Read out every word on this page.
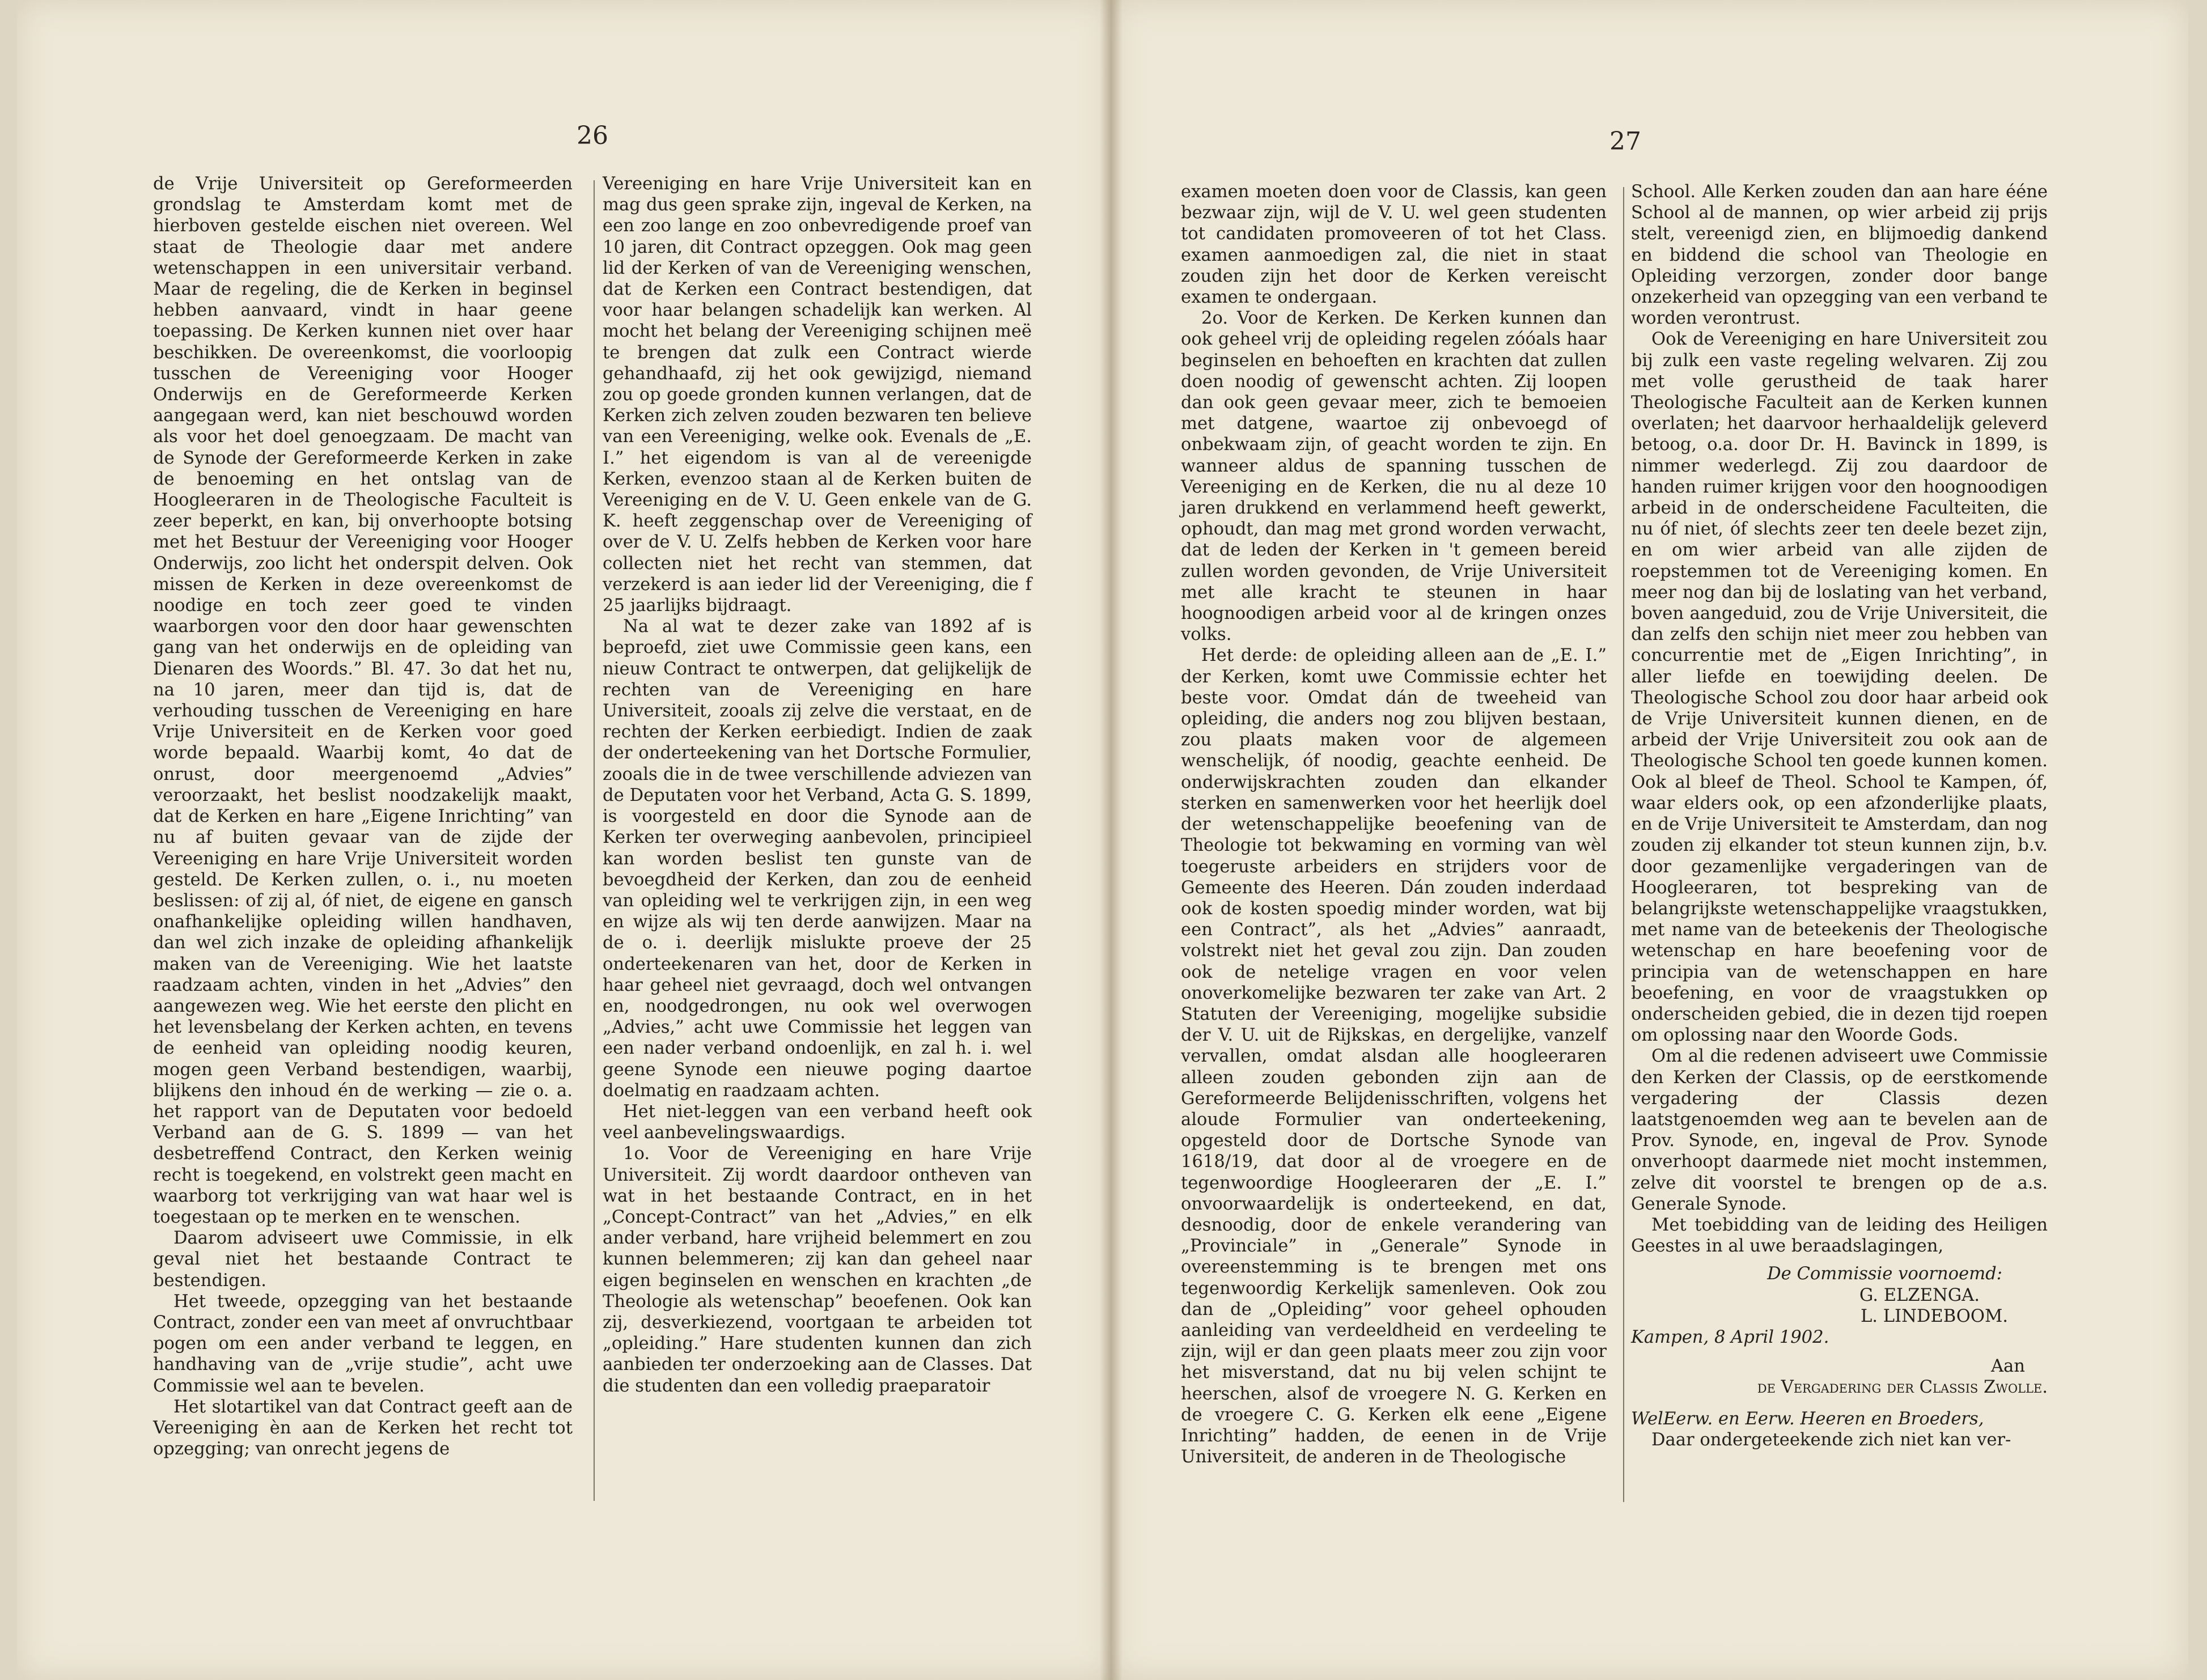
26	27

de Vrije Universiteit op Gereformeerden grondslag te Amsterdam komt met de hierboven gestelde eischen niet overeen. Wel staat de Theologie daar met andere wetenschappen in een universitair verband. Maar de regeling, die de Kerken in beginsel hebben aanvaard, vindt in haar geene toepassing. De Kerken kunnen niet over haar beschikken. De overeenkomst, die voorloopig tusschen de Vereeniging voor Hooger Onderwijs en de Gereformeerde Kerken aangegaan werd, kan niet beschouwd worden als voor het doel genoegzaam. De macht van de Synode der Gereformeerde Kerken in zake de benoeming en het ontslag van de Hoogleeraren in de Theologische Faculteit is zeer beperkt, en kan, bij onverhoopte botsing met het Bestuur der Vereeniging voor Hooger Onderwijs, zoo licht het onderspit delven. Ook missen de Kerken in deze overeenkomst de noodige en toch zeer goed te vinden waarborgen voor den door haar gewenschten gang van het onderwijs en de opleiding van Dienaren des Woords.” Bl. 47. 3o dat het nu, na 10 jaren, meer dan tijd is, dat de verhouding tusschen de Vereeniging en hare Vrije Universiteit en de Kerken voor goed worde bepaald. Waarbij komt, 4o dat de onrust, door meergenoemd „Advies” veroorzaakt, het beslist noodzakelijk maakt, dat de Kerken en hare „Eigene Inrichting” van nu af buiten gevaar van de zijde der Vereeniging en hare Vrije Universiteit worden gesteld. De Kerken zullen, o. i., nu moeten beslissen: of zij al, óf niet, de eigene en gansch onafhankelijke opleiding willen handhaven, dan wel zich inzake de opleiding afhankelijk maken van de Vereeniging. Wie het laatste raadzaam achten, vinden in het „Advies” den aangewezen weg. Wie het eerste den plicht en het levensbelang der Kerken achten, en tevens de eenheid van opleiding noodig keuren, mogen geen Verband bestendigen, waarbij, blijkens den inhoud én de werking — zie o. a. het rapport van de Deputaten voor bedoeld Verband aan de G. S. 1899 — van het desbetreffend Contract, den Kerken weinig recht is toegekend, en volstrekt geen macht en waarborg tot verkrijging van wat haar wel is toegestaan op te merken en te wenschen.

Daarom adviseert uwe Commissie, in elk geval niet het bestaande Contract te bestendigen.

Het tweede, opzegging van het bestaande Contract, zonder een van meet af onvruchtbaar pogen om een ander verband te leggen, en handhaving van de „vrije studie”, acht uwe Commissie wel aan te bevelen.

Het slotartikel van dat Contract geeft aan de Vereeniging èn aan de Kerken het recht tot opzegging; van onrecht jegens de

Vereeniging en hare Vrije Universiteit kan en mag dus geen sprake zijn, ingeval de Kerken, na een zoo lange en zoo onbevredigende proef van 10 jaren, dit Contract opzeggen. Ook mag geen lid der Kerken of van de Vereeniging wenschen, dat de Kerken een Contract bestendigen, dat voor haar belangen schadelijk kan werken. Al mocht het belang der Vereeniging schijnen meë te brengen dat zulk een Contract wierde gehandhaafd, zij het ook gewijzigd, niemand zou op goede gronden kunnen verlangen, dat de Kerken zich zelven zouden bezwaren ten believe van een Vereeniging, welke ook. Evenals de „E. I.” het eigendom is van al de vereenigde Kerken, evenzoo staan al de Kerken buiten de Vereeniging en de V. U. Geen enkele van de G. K. heeft zeggenschap over de Vereeniging of over de V. U. Zelfs hebben de Kerken voor hare collecten niet het recht van stemmen, dat verzekerd is aan ieder lid der Vereeniging, die f 25 jaarlijks bijdraagt.

Na al wat te dezer zake van 1892 af is beproefd, ziet uwe Commissie geen kans, een nieuw Contract te ontwerpen, dat gelijkelijk de rechten van de Vereeniging en hare Universiteit, zooals zij zelve die verstaat, en de rechten der Kerken eerbiedigt. Indien de zaak der onderteekening van het Dortsche Formulier, zooals die in de twee verschillende adviezen van de Deputaten voor het Verband, Acta G. S. 1899, is voorgesteld en door die Synode aan de Kerken ter overweging aanbevolen, principieel kan worden beslist ten gunste van de bevoegdheid der Kerken, dan zou de eenheid van opleiding wel te verkrijgen zijn, in een weg en wijze als wij ten derde aanwijzen. Maar na de o. i. deerlijk mislukte proeve der 25 onderteekenaren van het, door de Kerken in haar geheel niet gevraagd, doch wel ontvangen en, noodgedrongen, nu ook wel overwogen „Advies,” acht uwe Commissie het leggen van een nader verband ondoenlijk, en zal h. i. wel geene Synode een nieuwe poging daartoe doelmatig en raadzaam achten.

Het niet-leggen van een verband heeft ook veel aanbevelingswaardigs.

1o. Voor de Vereeniging en hare Vrije Universiteit. Zij wordt daardoor ontheven van wat in het bestaande Contract, en in het „Concept-Contract” van het „Advies,” en elk ander verband, hare vrijheid belemmert en zou kunnen belemmeren; zij kan dan geheel naar eigen beginselen en wenschen en krachten „de Theologie als wetenschap” beoefenen. Ook kan zij, desverkiezend, voortgaan te arbeiden tot „opleiding.” Hare studenten kunnen dan zich aanbieden ter onderzoeking aan de Classes. Dat die studenten dan een volledig praeparatoir

examen moeten doen voor de Classis, kan geen bezwaar zijn, wijl de V. U. wel geen studenten tot candidaten promoveeren of tot het Class. examen aanmoedigen zal, die niet in staat zouden zijn het door de Kerken vereischt examen te ondergaan.

2o. Voor de Kerken. De Kerken kunnen dan ook geheel vrij de opleiding regelen zóóals haar beginselen en behoeften en krachten dat zullen doen noodig of gewenscht achten. Zij loopen dan ook geen gevaar meer, zich te bemoeien met datgene, waartoe zij onbevoegd of onbekwaam zijn, of geacht worden te zijn. En wanneer aldus de spanning tusschen de Vereeniging en de Kerken, die nu al deze 10 jaren drukkend en verlammend heeft gewerkt, ophoudt, dan mag met grond worden verwacht, dat de leden der Kerken in 't gemeen bereid zullen worden gevonden, de Vrije Universiteit met alle kracht te steunen in haar hoognoodigen arbeid voor al de kringen onzes volks.

Het derde: de opleiding alleen aan de „E. I.” der Kerken, komt uwe Commissie echter het beste voor. Omdat dán de tweeheid van opleiding, die anders nog zou blijven bestaan, zou plaats maken voor de algemeen wenschelijk, óf noodig, geachte eenheid. De onderwijskrachten zouden dan elkander sterken en samenwerken voor het heerlijk doel der wetenschappelijke beoefening van de Theologie tot bekwaming en vorming van wèl toegeruste arbeiders en strijders voor de Gemeente des Heeren. Dán zouden inderdaad ook de kosten spoedig minder worden, wat bij een Contract”, als het „Advies” aanraadt, volstrekt niet het geval zou zijn. Dan zouden ook de netelige vragen en voor velen onoverkomelijke bezwaren ter zake van Art. 2 Statuten der Vereeniging, mogelijke subsidie der V. U. uit de Rijkskas, en dergelijke, vanzelf vervallen, omdat alsdan alle hoogleeraren alleen zouden gebonden zijn aan de Gereformeerde Belijdenisschriften, volgens het aloude Formulier van onderteekening, opgesteld door de Dortsche Synode van 1618/19, dat door al de vroegere en de tegenwoordige Hoogleeraren der „E. I.” onvoorwaardelijk is onderteekend, en dat, desnoodig, door de enkele verandering van „Provinciale” in „Generale” Synode in overeenstemming is te brengen met ons tegenwoordig Kerkelijk samenleven. Ook zou dan de „Opleiding” voor geheel ophouden aanleiding van verdeeldheid en verdeeling te zijn, wijl er dan geen plaats meer zou zijn voor het misverstand, dat nu bij velen schijnt te heerschen, alsof de vroegere N. G. Kerken en de vroegere C. G. Kerken elk eene „Eigene Inrichting” hadden, de eenen in de Vrije Universiteit, de anderen in de Theologische

School. Alle Kerken zouden dan aan hare ééne School al de mannen, op wier arbeid zij prijs stelt, vereenigd zien, en blijmoedig dankend en biddend die school van Theologie en Opleiding verzorgen, zonder door bange onzekerheid van opzegging van een verband te worden verontrust.

Ook de Vereeniging en hare Universiteit zou bij zulk een vaste regeling welvaren. Zij zou met volle gerustheid de taak harer Theologische Faculteit aan de Kerken kunnen overlaten; het daarvoor herhaaldelijk geleverd betoog, o.a. door Dr. H. Bavinck in 1899, is nimmer wederlegd. Zij zou daardoor de handen ruimer krijgen voor den hoognoodigen arbeid in de onderscheidene Faculteiten, die nu óf niet, óf slechts zeer ten deele bezet zijn, en om wier arbeid van alle zijden de roepstemmen tot de Vereeniging komen. En meer nog dan bij de loslating van het verband, boven aangeduid, zou de Vrije Universiteit, die dan zelfs den schijn niet meer zou hebben van concurrentie met de „Eigen Inrichting”, in aller liefde en toewijding deelen. De Theologische School zou door haar arbeid ook de Vrije Universiteit kunnen dienen, en de arbeid der Vrije Universiteit zou ook aan de Theologische School ten goede kunnen komen. Ook al bleef de Theol. School te Kampen, óf, waar elders ook, op een afzonderlijke plaats, en de Vrije Universiteit te Amsterdam, dan nog zouden zij elkander tot steun kunnen zijn, b.v. door gezamenlijke vergaderingen van de Hoogleeraren, tot bespreking van de belangrijkste wetenschappelijke vraagstukken, met name van de beteekenis der Theologische wetenschap en hare beoefening voor de principia van de wetenschappen en hare beoefening, en voor de vraagstukken op onderscheiden gebied, die in dezen tijd roepen om oplossing naar den Woorde Gods.

Om al die redenen adviseert uwe Commissie den Kerken der Classis, op de eerstkomende vergadering der Classis dezen laatstgenoemden weg aan te bevelen aan de Prov. Synode, en, ingeval de Prov. Synode onverhoopt daarmede niet mocht instemmen, zelve dit voorstel te brengen op de a.s. Generale Synode.

Met toebidding van de leiding des Heiligen Geestes in al uwe beraadslagingen,

De Commissie voornoemd:

G. ELZENGA.

L. LINDEBOOM.

Kampen, 8 April 1902.

Aan

de Vergadering der Classis Zwolle.

WelEerw. en Eerw. Heeren en Broeders,

Daar ondergeteekende zich niet kan ver-
